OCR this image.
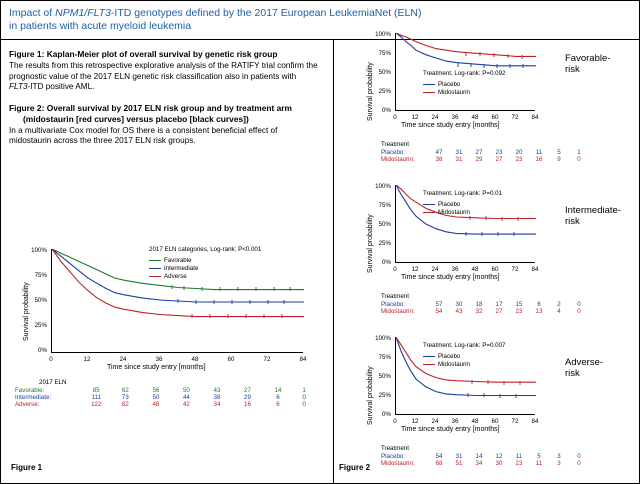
Impact of NPM1/FLT3-ITD genotypes defined by the 2017 European LeukemiaNet (ELN)
in patients with acute myeloid leukemia
Figure 1: Kaplan-Meier plot of overall survival by genetic risk group
The results from this retrospective explorative analysis of the RATIFY trial confirm the prognostic value of the 2017 ELN genetic risk classification also in patients with FLT3-ITD positive AML.
Figure 2: Overall survival by 2017 ELN risk group and by treatment arm
(midostaurin [red curves] versus placebo [black curves])
In a multivariate Cox model for OS there is a consistent beneficial effect of midostaurin across the three 2017 ELN risk groups.
Survival probability
100%
75%
50%
25%
0%
0	12	24	36	48	60	72	84
Time since study entry [months]
2017 ELN categories, Log-rank: P<0.001
Favorable
Intermediate
Adverse
2017 ELN
Favorable:	85	62	56	50	43	27	14	1
Intermediate:	111	73	50	44	38	29	6	0
Adverse:	122	82	48	42	34	16	6	0
Figure 1	Figure 2
Survival probability
100%
75%
50%
25%
0%
0	12	24	36	48	60	72	84
Time since study entry [months]
Treatment, Log-rank: P=0.092
Placebo
Midostaurin
Favorable-
risk
Treatment
Placebo:	47	31	27	23	20	11	5	1
Midostaurin:	38	31	29	27	23	16	9	0
Survival probability
100%
75%
50%
25%
0%
0	12	24	36	48	60	72	84
Time since study entry [months]
Treatment, Log-rank: P=0.01
Placebo
Midostaurin	Intermediate-
risk
Treatment
Placebo:	57	30	18	17	15	6	2	0
Midostaurin:	54	43	32	27	23	13	4	0
Survival probability
100%
75%
50%
25%
0%
0	12	24	36	48	60	72	84
Time since study entry [months]
Treatment, Log-rank: P=0.007
Placebo
Midostaurin	Adverse-
risk
Treatment
Placebo:	54	31	14	12	11	5	3	0
Midostaurin:	68	51	34	30	23	11	3	0
